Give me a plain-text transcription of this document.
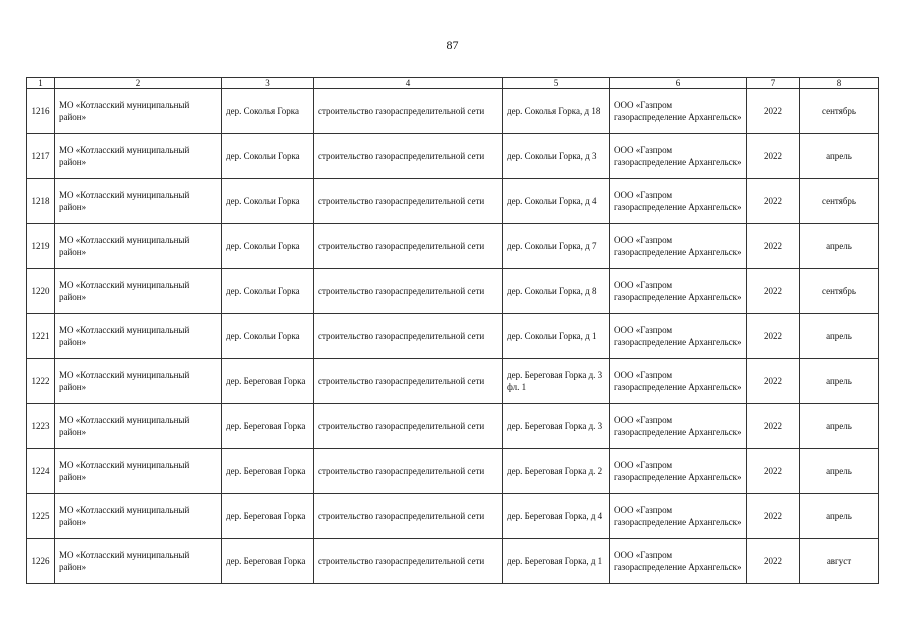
87
1	2	3	4	5	6	7	8
1216	МО «Котласский муниципальный район»	дер. Соколья Горка	строительство газораспределительной сети	дер. Соколья Горка, д 18	ООО «Газпром газораспределение Архангельск»	2022	сентябрь
1217	МО «Котласский муниципальный район»	дер. Сокольи Горка	строительство газораспределительной сети	дер. Сокольи Горка, д 3	ООО «Газпром газораспределение Архангельск»	2022	апрель
1218	МО «Котласский муниципальный район»	дер. Сокольи Горка	строительство газораспределительной сети	дер. Сокольи Горка, д 4	ООО «Газпром газораспределение Архангельск»	2022	сентябрь
1219	МО «Котласский муниципальный район»	дер. Сокольи Горка	строительство газораспределительной сети	дер. Сокольи Горка, д 7	ООО «Газпром газораспределение Архангельск»	2022	апрель
1220	МО «Котласский муниципальный район»	дер. Сокольи Горка	строительство газораспределительной сети	дер. Сокольи Горка, д 8	ООО «Газпром газораспределение Архангельск»	2022	сентябрь
1221	МО «Котласский муниципальный район»	дер. Сокольи Горка	строительство газораспределительной сети	дер. Сокольи Горка, д 1	ООО «Газпром газораспределение Архангельск»	2022	апрель
1222	МО «Котласский муниципальный район»	дер. Береговая Горка	строительство газораспределительной сети	дер. Береговая Горка д. 3 фл. 1	ООО «Газпром газораспределение Архангельск»	2022	апрель
1223	МО «Котласский муниципальный район»	дер. Береговая Горка	строительство газораспределительной сети	дер. Береговая Горка д. 3	ООО «Газпром газораспределение Архангельск»	2022	апрель
1224	МО «Котласский муниципальный район»	дер. Береговая Горка	строительство газораспределительной сети	дер. Береговая Горка д. 2	ООО «Газпром газораспределение Архангельск»	2022	апрель
1225	МО «Котласский муниципальный район»	дер. Береговая Горка	строительство газораспределительной сети	дер. Береговая Горка, д 4	ООО «Газпром газораспределение Архангельск»	2022	апрель
1226	МО «Котласский муниципальный район»	дер. Береговая Горка	строительство газораспределительной сети	дер. Береговая Горка, д 1	ООО «Газпром газораспределение Архангельск»	2022	август
